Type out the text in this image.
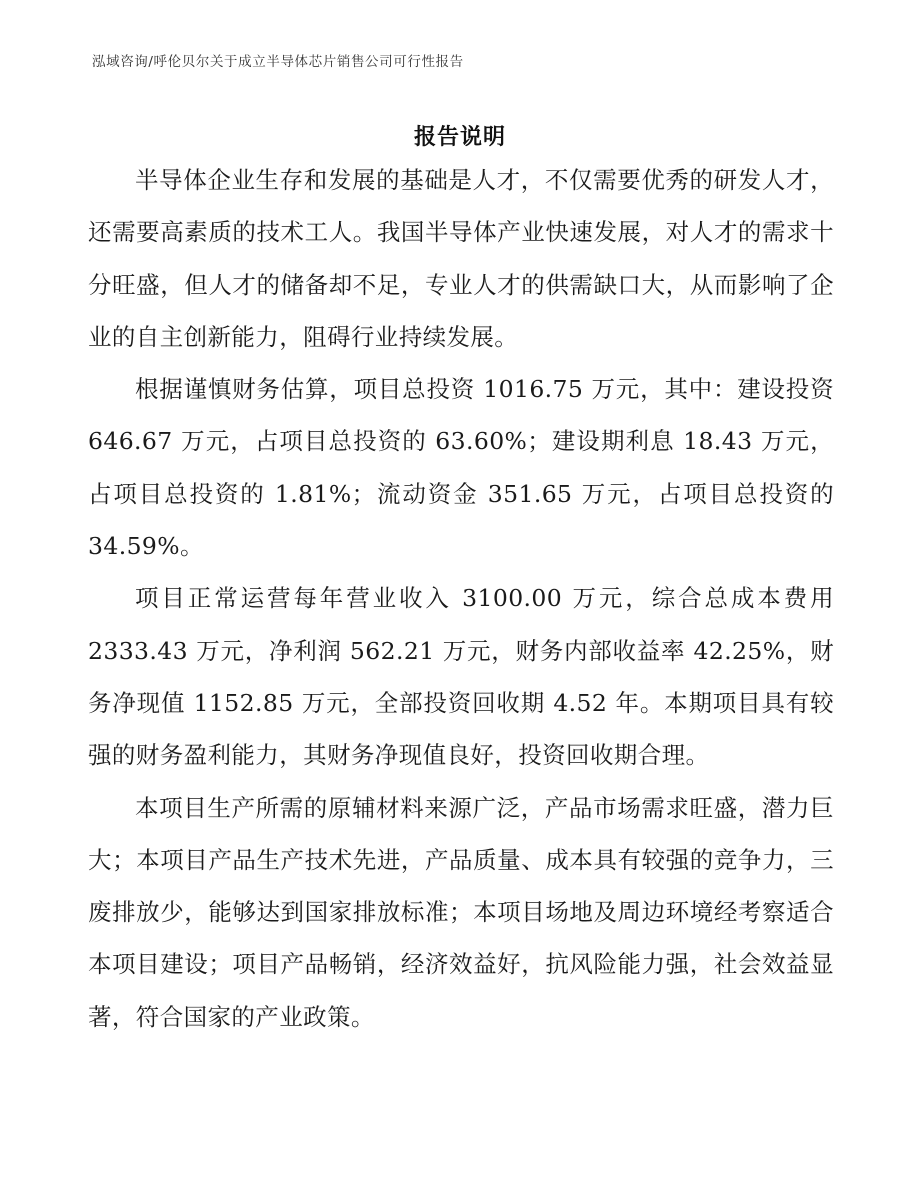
泓域咨询/呼伦贝尔关于成立半导体芯片销售公司可行性报告
报告说明

半导体企业生存和发展的基础是人才，不仅需要优秀的研发人才，还需要高素质的技术工人。我国半导体产业快速发展，对人才的需求十分旺盛，但人才的储备却不足，专业人才的供需缺口大，从而影响了企业的自主创新能力，阻碍行业持续发展。

根据谨慎财务估算，项目总投资 1016.75 万元，其中：建设投资 646.67 万元，占项目总投资的 63.60%；建设期利息 18.43 万元，占项目总投资的 1.81%；流动资金 351.65 万元，占项目总投资的 34.59%。

项目正常运营每年营业收入 3100.00 万元，综合总成本费用 2333.43 万元，净利润 562.21 万元，财务内部收益率 42.25%，财务净现值 1152.85 万元，全部投资回收期 4.52 年。本期项目具有较强的财务盈利能力，其财务净现值良好，投资回收期合理。

本项目生产所需的原辅材料来源广泛，产品市场需求旺盛，潜力巨大；本项目产品生产技术先进，产品质量、成本具有较强的竞争力，三废排放少，能够达到国家排放标准；本项目场地及周边环境经考察适合本项目建设；项目产品畅销，经济效益好，抗风险能力强，社会效益显著，符合国家的产业政策。
